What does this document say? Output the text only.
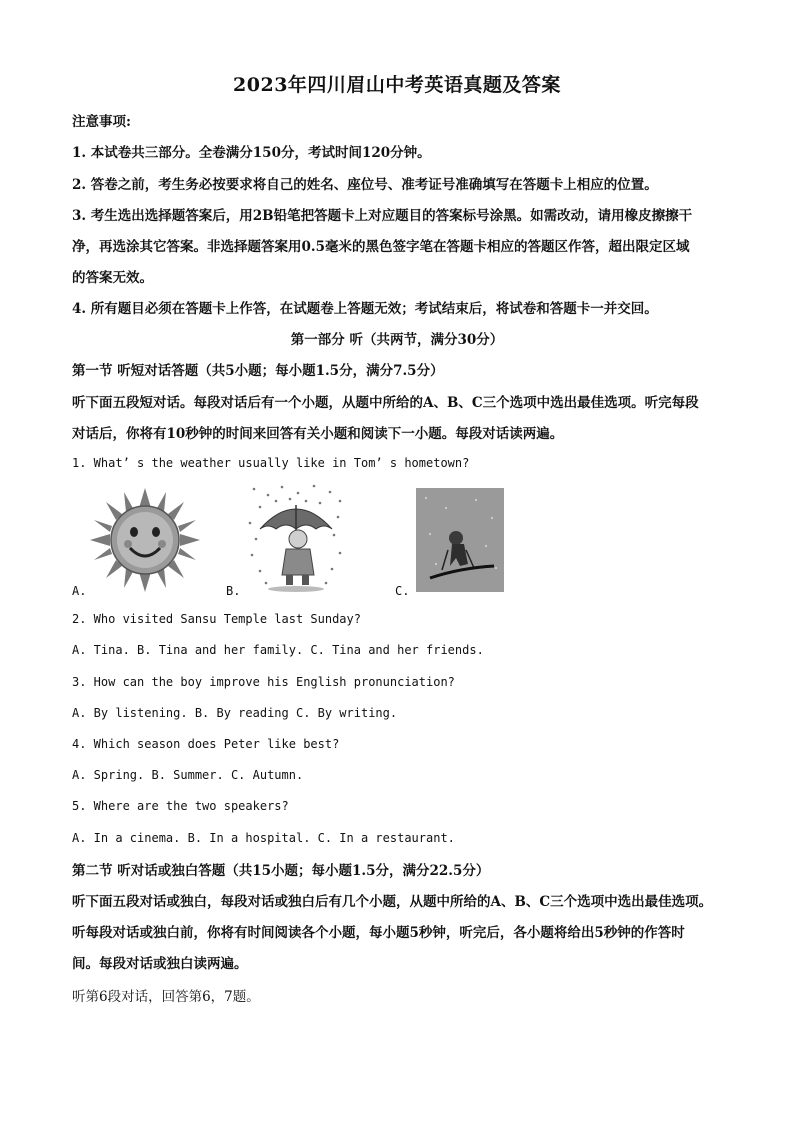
2023年四川眉山中考英语真题及答案
注意事项:
1. 本试卷共三部分。全卷满分150分，考试时间120分钟。
2. 答卷之前，考生务必按要求将自己的姓名、座位号、准考证号准确填写在答题卡上相应的位置。
3. 考生选出选择题答案后，用2B铅笔把答题卡上对应题目的答案标号涂黑。如需改动，请用橡皮擦擦干
净，再选涂其它答案。非选择题答案用0.5毫米的黑色签字笔在答题卡相应的答题区作答，超出限定区域
的答案无效。
4. 所有题目必须在答题卡上作答，在试题卷上答题无效；考试结束后，将试卷和答题卡一并交回。
第一部分 听（共两节，满分30分）
第一节 听短对话答题（共5小题；每小题1.5分，满分7.5分）
听下面五段短对话。每段对话后有一个小题，从题中所给的A、B、C三个选项中选出最佳选项。听完每段
对话后，你将有10秒钟的时间来回答有关小题和阅读下一小题。每段对话读两遍。
1. What’ s the weather usually like in Tom’ s hometown?
A.	B.	C.
2. Who visited Sansu Temple last Sunday?
A. Tina. B. Tina and her family. C. Tina and her friends.
3. How can the boy improve his English pronunciation?
A. By listening. B. By reading C. By writing.
4. Which season does Peter like best?
A. Spring. B. Summer. C. Autumn.
5. Where are the two speakers?
A. In a cinema. B. In a hospital. C. In a restaurant.
第二节 听对话或独白答题（共15小题；每小题1.5分，满分22.5分）
听下面五段对话或独白，每段对话或独白后有几个小题，从题中所给的A、B、C三个选项中选出最佳选项。
听每段对话或独白前，你将有时间阅读各个小题，每小题5秒钟，听完后，各小题将给出5秒钟的作答时
间。每段对话或独白读两遍。
听第6段对话，回答第6，7题。
